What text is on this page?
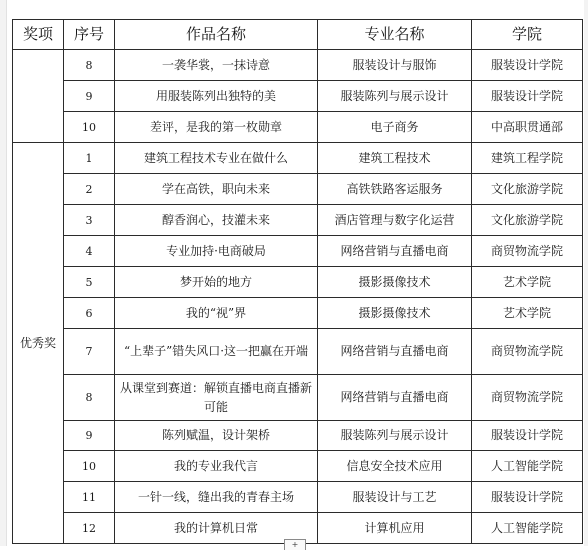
奖项	序号	作品名称	专业名称	学院
	8	一袭华裳，一抹诗意	服装设计与服饰	服装设计学院
	9	用服装陈列出独特的美	服装陈列与展示设计	服装设计学院
	10	差评，是我的第一枚勋章	电子商务	中高职贯通部
优秀奖	1	建筑工程技术专业在做什么	建筑工程技术	建筑工程学院
	2	学在高铁，职向未来	高铁铁路客运服务	文化旅游学院
	3	醇香润心，技灌未来	酒店管理与数字化运营	文化旅游学院
	4	专业加持·电商破局	网络营销与直播电商	商贸物流学院
	5	梦开始的地方	摄影摄像技术	艺术学院
	6	我的“视”界	摄影摄像技术	艺术学院
	7	“上辈子”错失风口·这一把赢在开端	网络营销与直播电商	商贸物流学院
	8	从课堂到赛道：解锁直播电商直播新可能	网络营销与直播电商	商贸物流学院
	9	陈列赋温，设计架桥	服装陈列与展示设计	服装设计学院
	10	我的专业我代言	信息安全技术应用	人工智能学院
	11	一针一线，缝出我的青春主场	服装设计与工艺	服装设计学院
	12	我的计算机日常	计算机应用	人工智能学院
+
